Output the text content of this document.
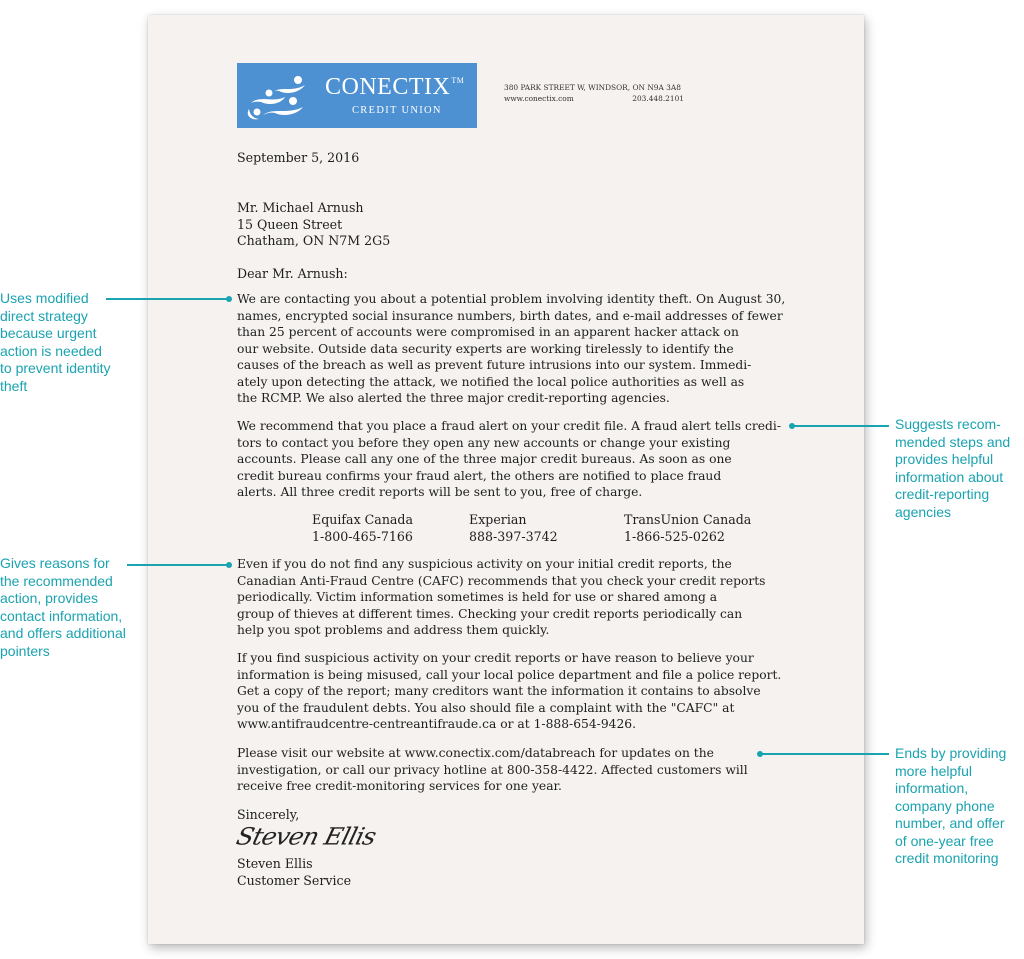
CONECTIX™
CREDIT UNION
380 PARK STREET W, WINDSOR, ON N9A 3A8
www.conectix.com	203.448.2101
September 5, 2016
Mr. Michael Arnush
15 Queen Street
Chatham, ON N7M 2G5
Dear Mr. Arnush:
We are contacting you about a potential problem involving identity theft. On August 30,
names, encrypted social insurance numbers, birth dates, and e-mail addresses of fewer
than 25 percent of accounts were compromised in an apparent hacker attack on
our website. Outside data security experts are working tirelessly to identify the
causes of the breach as well as prevent future intrusions into our system. Immedi-
ately upon detecting the attack, we notified the local police authorities as well as
the RCMP. We also alerted the three major credit-reporting agencies.
We recommend that you place a fraud alert on your credit file. A fraud alert tells credi-
tors to contact you before they open any new accounts or change your existing
accounts. Please call any one of the three major credit bureaus. As soon as one
credit bureau confirms your fraud alert, the others are notified to place fraud
alerts. All three credit reports will be sent to you, free of charge.
Equifax Canada
1-800-465-7166
Experian
888-397-3742
TransUnion Canada
1-866-525-0262
Even if you do not find any suspicious activity on your initial credit reports, the
Canadian Anti-Fraud Centre (CAFC) recommends that you check your credit reports
periodically. Victim information sometimes is held for use or shared among a
group of thieves at different times. Checking your credit reports periodically can
help you spot problems and address them quickly.
If you find suspicious activity on your credit reports or have reason to believe your
information is being misused, call your local police department and file a police report.
Get a copy of the report; many creditors want the information it contains to absolve
you of the fraudulent debts. You also should file a complaint with the "CAFC" at
www.antifraudcentre-centreantifraude.ca or at 1-888-654-9426.
Please visit our website at www.conectix.com/databreach for updates on the
investigation, or call our privacy hotline at 800-358-4422. Affected customers will
receive free credit-monitoring services for one year.
Sincerely,
Steven Ellis
Steven Ellis
Customer Service
Uses modified
direct strategy
because urgent
action is needed
to prevent identity
theft
Gives reasons for
the recommended
action, provides
contact information,
and offers additional
pointers
Suggests recom-
mended steps and
provides helpful
information about
credit-reporting
agencies
Ends by providing
more helpful
information,
company phone
number, and offer
of one-year free
credit monitoring
